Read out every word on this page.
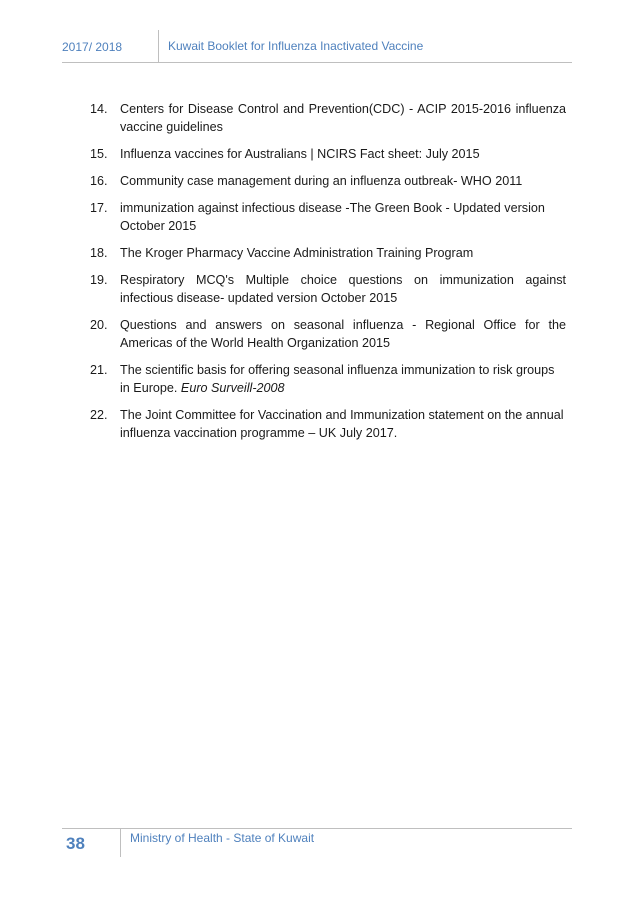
2017/ 2018	Kuwait Booklet for Influenza Inactivated Vaccine
14. Centers for Disease Control and Prevention(CDC) - ACIP 2015-2016 influenza vaccine guidelines
15. Influenza vaccines for Australians | NCIRS Fact sheet: July 2015
16. Community case management during an influenza outbreak- WHO 2011
17. immunization against infectious disease -The Green Book - Updated version October 2015
18. The Kroger Pharmacy Vaccine Administration Training Program
19. Respiratory MCQ's Multiple choice questions on immunization against infectious disease- updated version October 2015
20. Questions and answers on seasonal influenza - Regional Office for the Americas of the World Health Organization 2015
21. The scientific basis for offering seasonal influenza immunization to risk groups in Europe. Euro Surveill-2008
22. The Joint Committee for Vaccination and Immunization statement on the annual influenza vaccination programme – UK July 2017.
38	Ministry of Health - State of Kuwait
